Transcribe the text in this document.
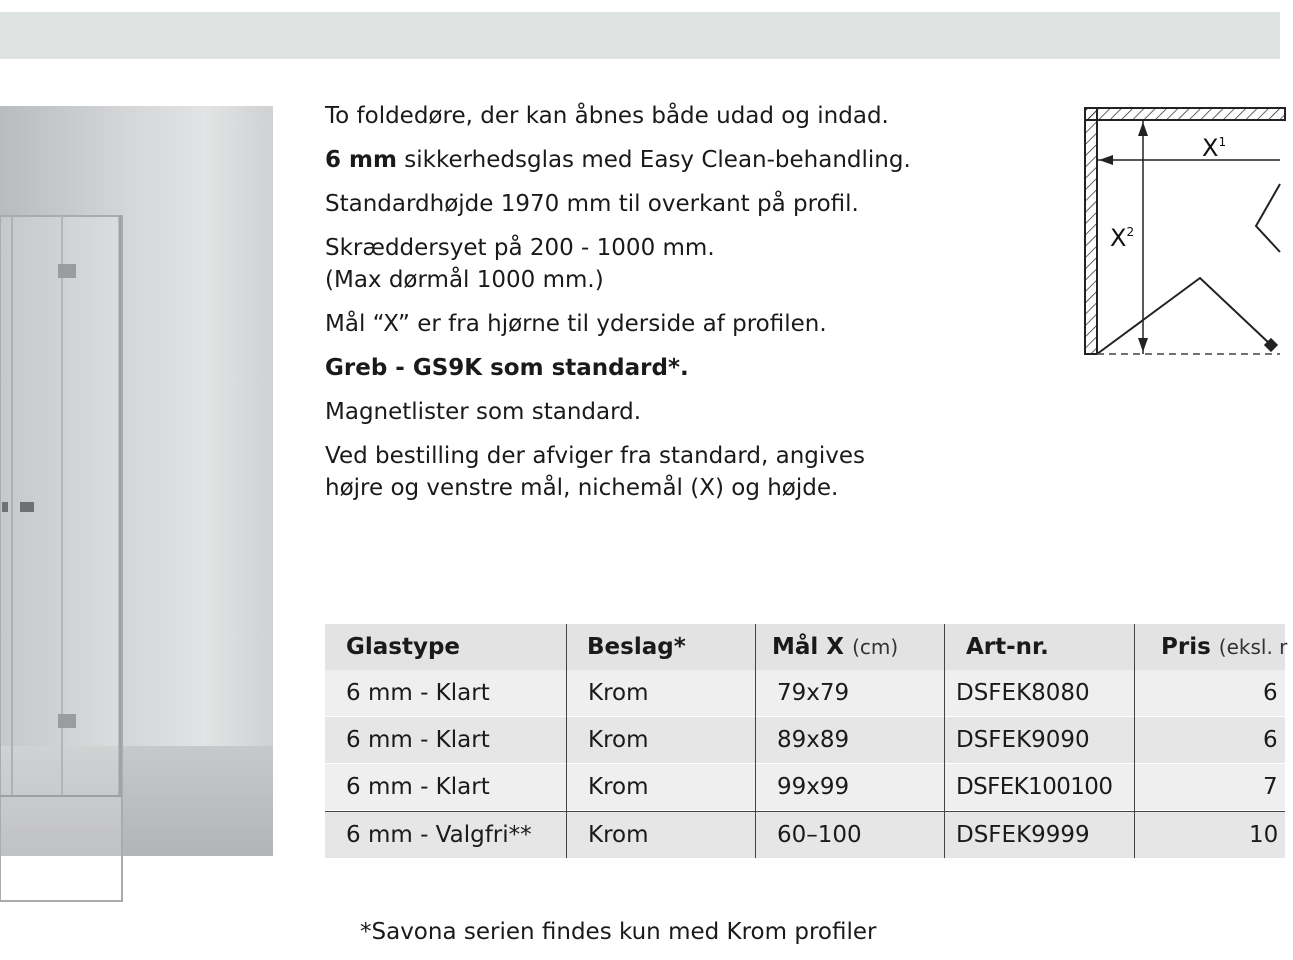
To foldedøre, der kan åbnes både udad og indad.

6 mm sikkerhedsglas med Easy Clean-behandling.

Standardhøjde 1970 mm til overkant på profil.

Skræddersyet på 200 - 1000 mm.
(Max dørmål 1000 mm.)

Mål “X” er fra hjørne til yderside af profilen.

Greb - GS9K som standard*.

Magnetlister som standard.

Ved bestilling der afviger fra standard, angives
højre og venstre mål, nichemål (X) og højde.

$X^1$
$X^2$
Glastype	Beslag*	Mål X (cm)	Art-nr.	Pris (eksl. r
6 mm - Klart	Krom	79x79	DSFEK8080	6
6 mm - Klart	Krom	89x89	DSFEK9090	6
6 mm - Klart	Krom	99x99	DSFEK100100	7
6 mm - Valgfri**	Krom	60–100	DSFEK9999	10
*Savona serien findes kun med Krom profiler
